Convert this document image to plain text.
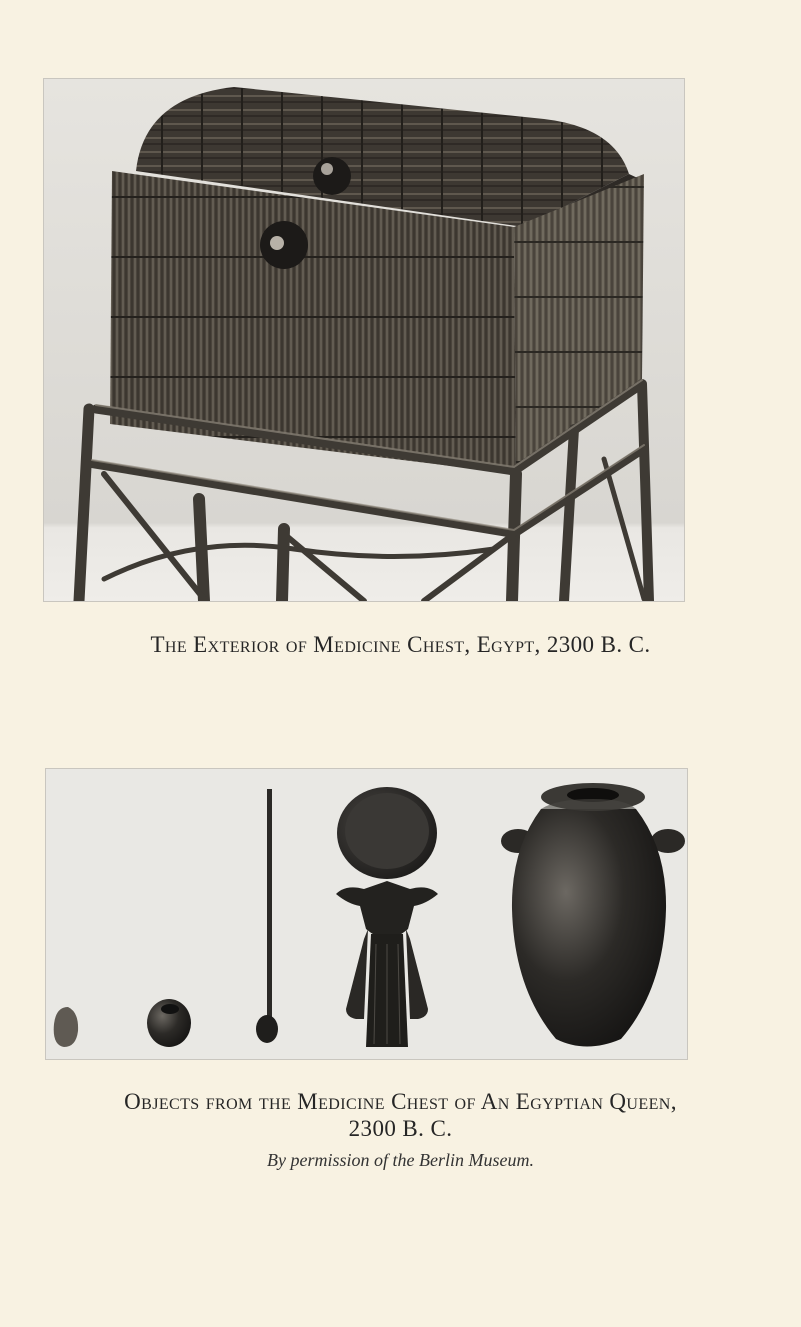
The Exterior of Medicine Chest, Egypt, 2300 B. C.
Objects from the Medicine Chest of An Egyptian Queen,
2300 B. C.
By permission of the Berlin Museum.
